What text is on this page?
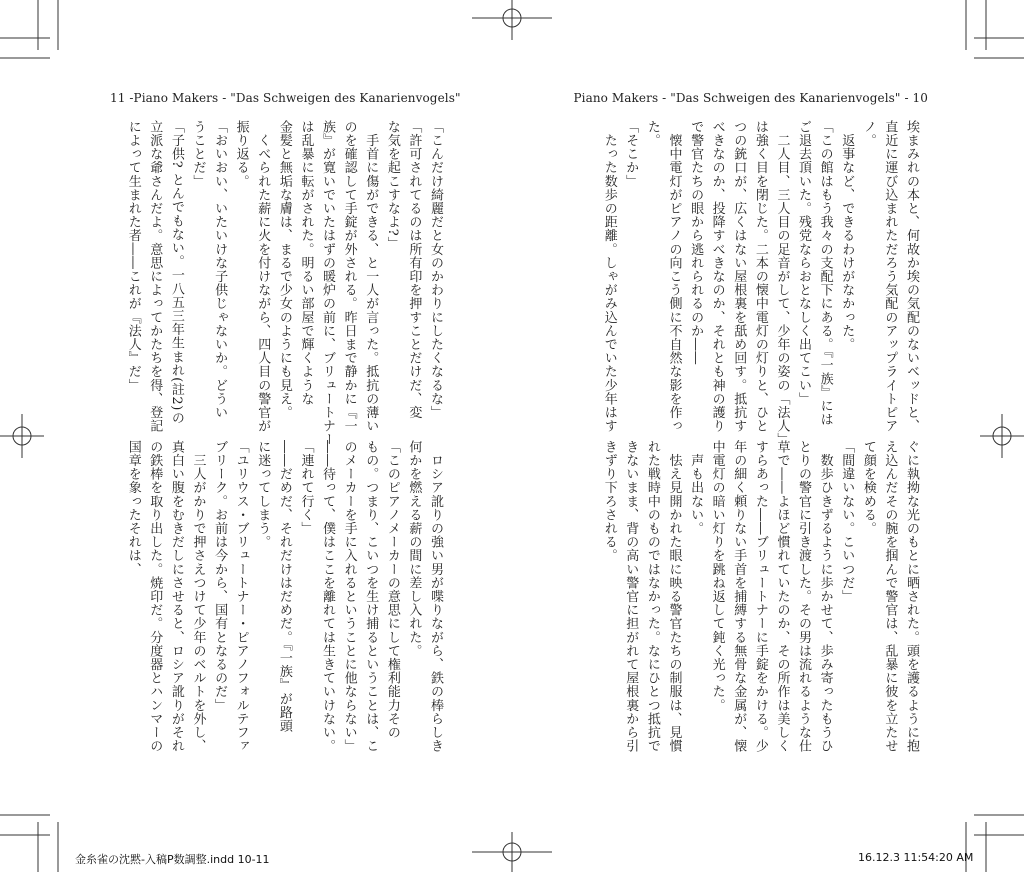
11 -Piano Makers - "Das Schweigen des Kanarienvogels"	Piano Makers - "Das Schweigen des Kanarienvogels" - 10

埃まみれの本と、何故か埃の気配のないベッドと、

直近に運び込まれただろう気配のアップライトピア

ノ。

　返事など、できるわけがなかった。

「この館はもう我々の支配下にある。『一族』には

ご退去頂いた。残党ならおとなしく出てこい」

　二人目、三人目の足音がして、少年の姿の「法人」

は強く目を閉じた。二本の懐中電灯の灯りと、ひと

つの銃口が、広くはない屋根裏を舐め回す。抵抗す

べきなのか、投降すべきなのか、それとも神の護り

で警官たちの眼から逃れられるのか――

　懐中電灯がピアノの向こう側に不自然な影を作っ

た。

「そこか」

　たった数歩の距離。しゃがみ込んでいた少年はす

ぐに執拗な光のもとに晒された。頭を護るように抱

え込んだその腕を掴んで警官は、乱暴に彼を立たせ

て顔を検める。

「間違いない。こいつだ」

　数歩ひきずるように歩かせて、歩み寄ったもうひ

とりの警官に引き渡した。その男は流れるような仕

草で――よほど慣れていたのか、その所作は美しく

すらあった――ブリュートナーに手錠をかける。少

年の細く頼りない手首を捕縛する無骨な金属が、懐

中電灯の暗い灯りを跳ね返して鈍く光った。

　声も出ない。

　怯え見開かれた眼に映る警官たちの制服は、見慣

れた戦時中のものではなかった。なにひとつ抵抗で

きないまま、背の高い警官に担がれて屋根裏から引

きずり下ろされる。

「こんだけ綺麗だと女のかわりにしたくなるな」

「許可されてるのは所有印を押すことだけだ、変

な気を起こすなよ?」

　手首に傷ができる、と一人が言った。抵抗の薄い

のを確認して手錠が外される。昨日まで静かに『一

族』が寛いでいたはずの暖炉の前に、ブリュートナー

は乱暴に転がされた。明るい部屋で輝くような

金髪と無垢な膚は、まるで少女のようにも見え。

　くべられた薪に火を付けながら、四人目の警官が

振り返る。

「おいおい、いたいけな子供じゃないか。どうい

うことだ」

「子供? とんでもない。一八五三年生まれ(註2)の

立派な爺さんだよ。意思によってかたちを得、登記

によって生まれた者――これが『法人』だ」

　ロシア訛りの強い男が喋りながら、鉄の棒らしき

何かを燃える薪の間に差し入れた。

「このピアノメーカーの意思にして権利能力その

もの。つまり、こいつを生け捕るということは、こ

のメーカーを手に入れるということに他ならない」

――待って、僕はここを離れては生きていけない。

「連れて行く」

――だめだ、それだけはだめだ。『一族』が路頭

に迷ってしまう。

「ユリウス・ブリュートナー・ピアノフォルテファ

ブリーク。お前は今から、国有となるのだ」

　三人がかりで押さえつけて少年のベルトを外し、

真白い腹をむきだしにさせると、ロシア訛りがそれ

の鉄棒を取り出した。焼印だ。分度器とハンマーの

国章を象ったそれは、

金糸雀の沈黙-入稿P数調整.indd 10-11	16.12.3 11:54:20 AM
